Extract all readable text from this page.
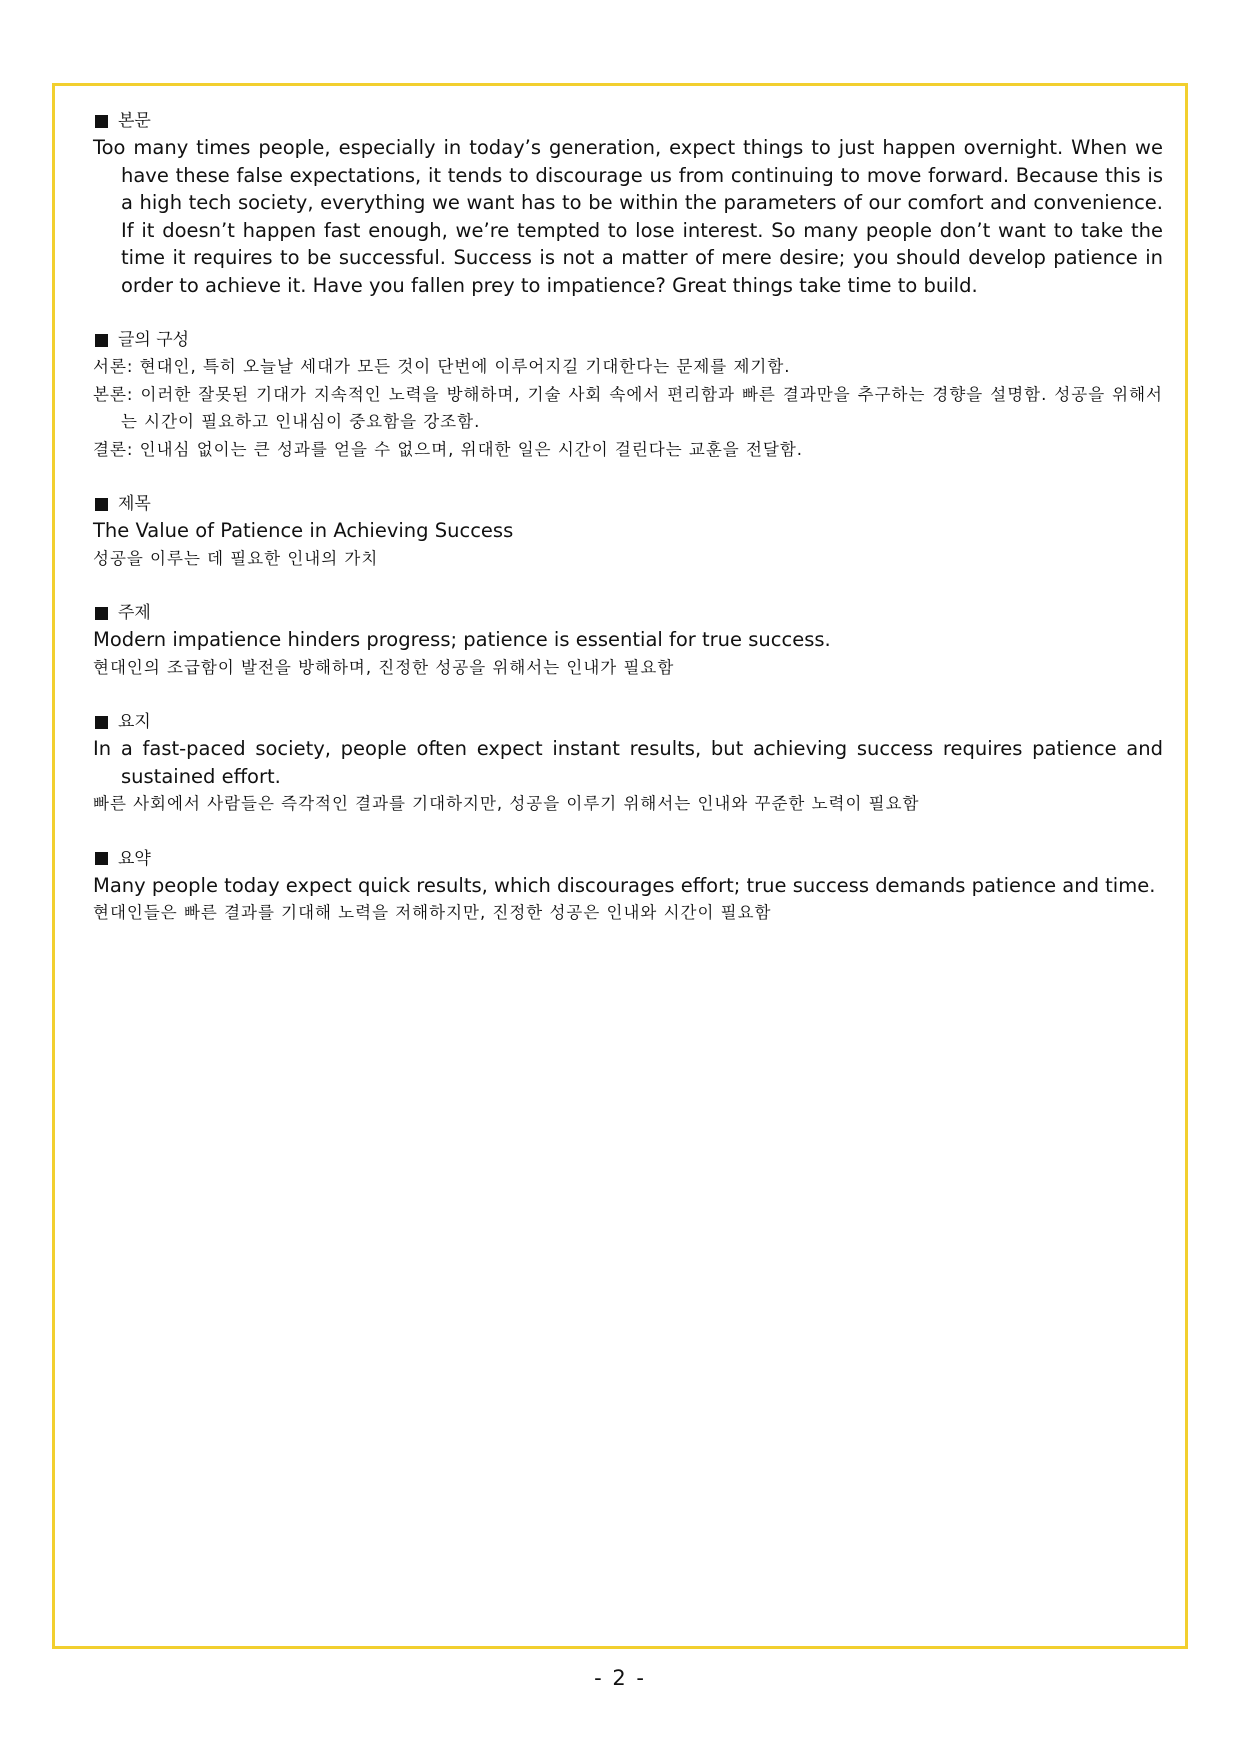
본문

Too many times people, especially in today’s generation, expect things to just happen overnight. When we have these false expectations, it tends to discourage us from continuing to move forward. Because this is a high tech society, everything we want has to be within the parameters of our comfort and convenience. If it doesn’t happen fast enough, we’re tempted to lose interest. So many people don’t want to take the time it requires to be successful. Success is not a matter of mere desire; you should develop patience in order to achieve it. Have you fallen prey to impatience? Great things take time to build.

글의 구성

서론: 현대인, 특히 오늘날 세대가 모든 것이 단번에 이루어지길 기대한다는 문제를 제기함.

본론: 이러한 잘못된 기대가 지속적인 노력을 방해하며, 기술 사회 속에서 편리함과 빠른 결과만을 추구하는 경향을 설명함. 성공을 위해서는 시간이 필요하고 인내심이 중요함을 강조함.

결론: 인내심 없이는 큰 성과를 얻을 수 없으며, 위대한 일은 시간이 걸린다는 교훈을 전달함.

제목

The Value of Patience in Achieving Success

성공을 이루는 데 필요한 인내의 가치

주제

Modern impatience hinders progress; patience is essential for true success.

현대인의 조급함이 발전을 방해하며, 진정한 성공을 위해서는 인내가 필요함

요지

In a fast-paced society, people often expect instant results, but achieving success requires patience and sustained effort.

빠른 사회에서 사람들은 즉각적인 결과를 기대하지만, 성공을 이루기 위해서는 인내와 꾸준한 노력이 필요함

요약

Many people today expect quick results, which discourages effort; true success demands patience and time.

현대인들은 빠른 결과를 기대해 노력을 저해하지만, 진정한 성공은 인내와 시간이 필요함

- 2 -
